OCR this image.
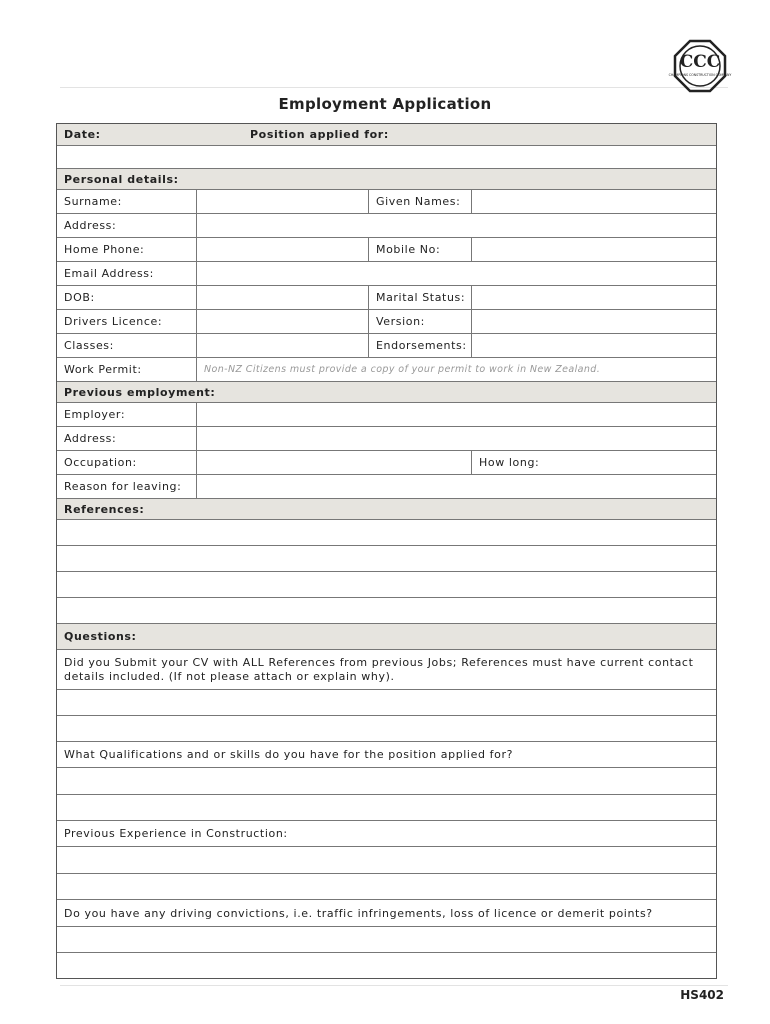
CCC
CHAMPIONS CONSTRUCTION COMPANY
Employment Application
Date:	Position applied for:
Personal details:
Surname:	Given Names:
Address:
Home Phone:	Mobile No:
Email Address:
DOB:	Marital Status:
Drivers Licence:	Version:
Classes:	Endorsements:
Work Permit:	Non-NZ Citizens must provide a copy of your permit to work in New Zealand.
Previous employment:
Employer:
Address:
Occupation:	How long:
Reason for leaving:
References:
Questions:
Did you Submit your CV with ALL References from previous Jobs; References must have current contact details included. (If not please attach or explain why).
What Qualifications and or skills do you have for the position applied for?
Previous Experience in Construction:
Do you have any driving convictions, i.e. traffic infringements, loss of licence or demerit points?
HS402
